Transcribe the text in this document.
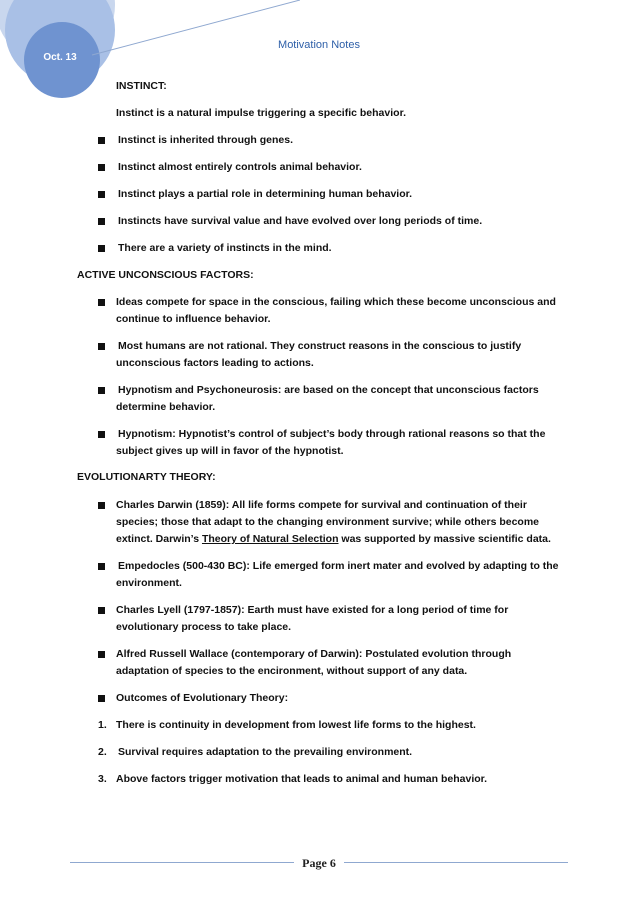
Oct. 13
Motivation Notes
INSTINCT:
Instinct is a natural impulse triggering a specific behavior.
Instinct is inherited through genes.
Instinct almost entirely controls animal behavior.
Instinct plays a partial role in determining human behavior.
Instincts have survival value and have evolved over long periods of time.
There are a variety of instincts in the mind.
ACTIVE UNCONSCIOUS FACTORS:
Ideas compete for space in the conscious, failing which these become unconscious and
continue to influence behavior.
Most humans are not rational. They construct reasons in the conscious to justify
unconscious factors leading to actions.
Hypnotism and Psychoneurosis: are based on the concept that unconscious factors
determine behavior.
Hypnotism: Hypnotist’s control of subject’s body through rational reasons so that the
subject gives up will in favor of the hypnotist.
EVOLUTIONARTY THEORY:
Charles Darwin (1859): All life forms compete for survival and continuation of their
species; those that adapt to the changing environment survive; while others become
extinct. Darwin’s Theory of Natural Selection was supported by massive scientific data.
Empedocles (500-430 BC): Life emerged form inert mater and evolved by adapting to the
environment.
Charles Lyell (1797-1857): Earth must have existed for a long period of time for
evolutionary process to take place.
Alfred Russell Wallace (contemporary of Darwin): Postulated evolution through
adaptation of species to the encironment, without support of any data.
Outcomes of Evolutionary Theory:
1. There is continuity in development from lowest life forms to the highest.
2. Survival requires adaptation to the prevailing environment.
3. Above factors trigger motivation that leads to animal and human behavior.
Page 6
